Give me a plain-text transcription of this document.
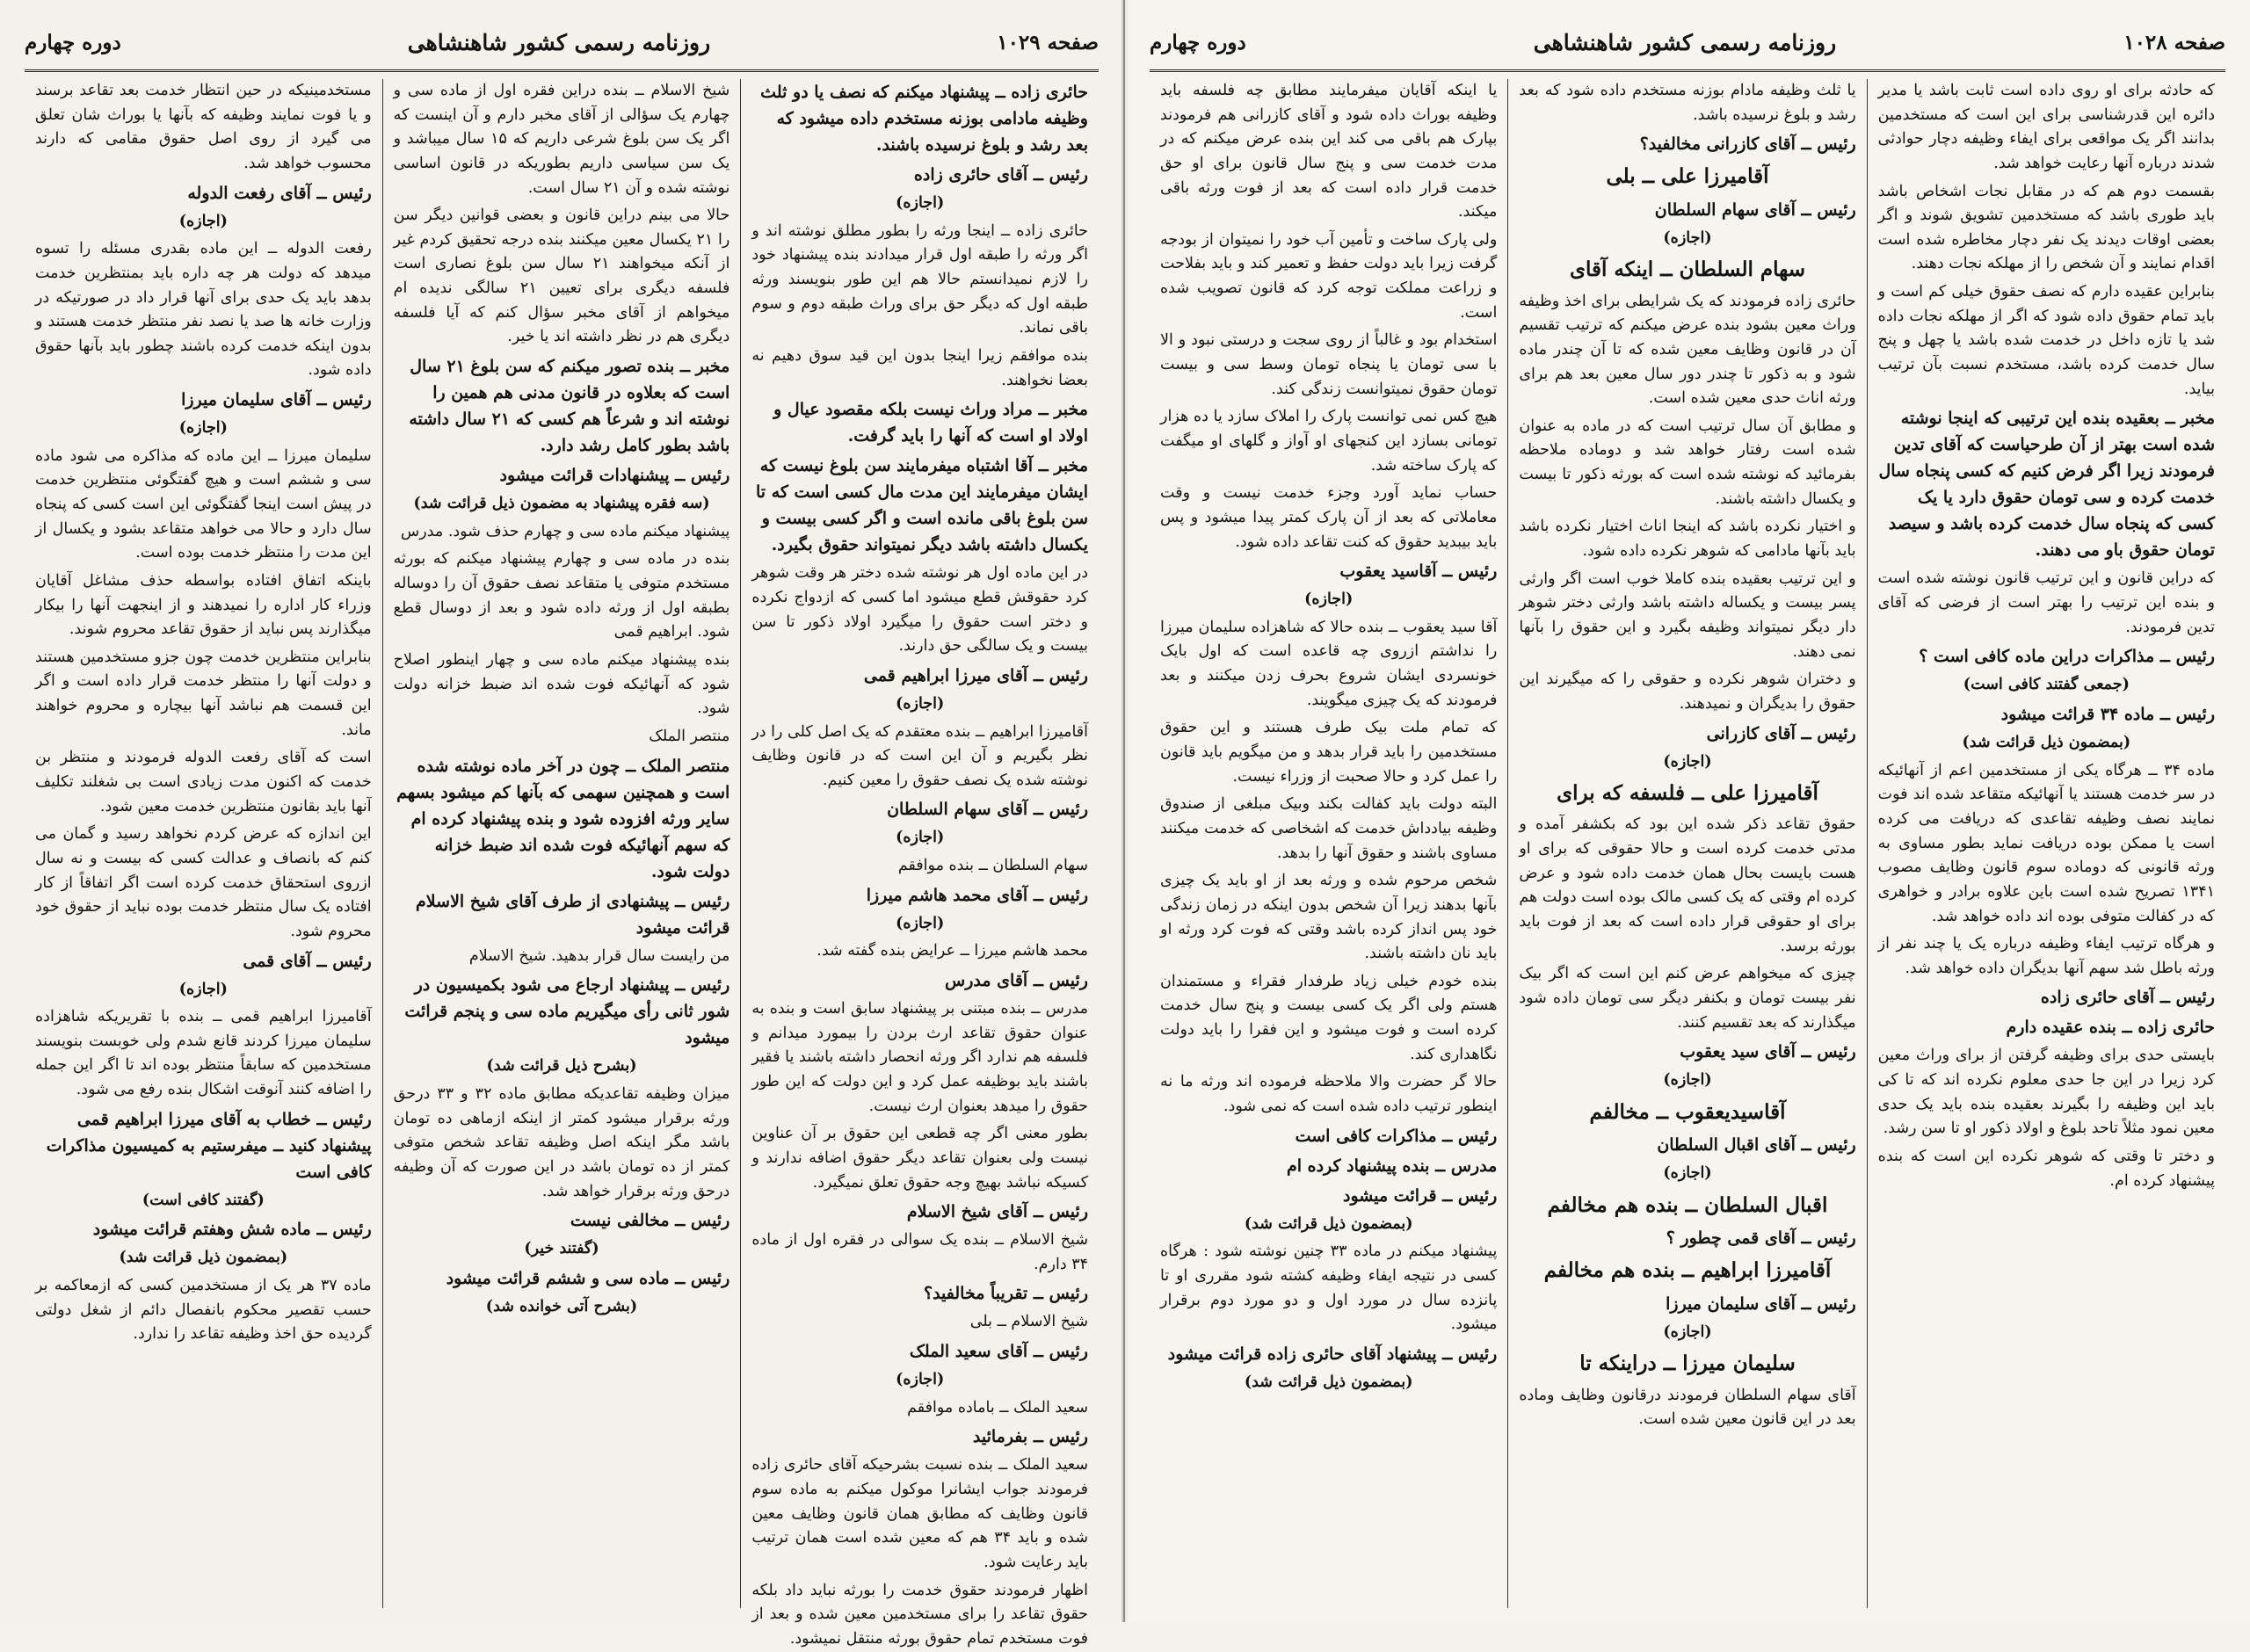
صفحه ۱۰۲۹
روزنامه رسمی کشور شاهنشاهی
دوره چهارم

حائری زاده ــ پیشنهاد میکنم که نصف یا دو ثلث وظیفه مادامی بوزنه مستخدم داده میشود که بعد رشد و بلوغ نرسیده باشند.

رئیس ــ آقای حائری زاده

(اجازه)

حائری زاده ــ اینجا ورثه را بطور مطلق نوشته اند و اگر ورثه را طبقه اول قرار میدادند بنده پیشنهاد خود را لازم نمیدانستم حالا هم این طور بنویسند ورثه طبقه اول که دیگر حق برای وراث طبقه دوم و سوم باقی نماند.

بنده موافقم زیرا اینجا بدون این قید سوق دهیم نه بعضا نخواهند.

مخبر ــ مراد وراث نیست بلکه مقصود عیال و اولاد او است که آنها را باید گرفت.

مخبر ــ آقا اشتباه میفرمایند سن بلوغ نیست که ایشان میفرمایند این مدت مال کسی است که تا سن بلوغ باقی مانده است و اگر کسی بیست و یکسال داشته باشد دیگر نمیتواند حقوق بگیرد.

در این ماده اول هر نوشته شده دختر هر وقت شوهر کرد حقوقش قطع میشود اما کسی که ازدواج نکرده و دختر است حقوق را میگیرد اولاد ذکور تا سن بیست و یک سالگی حق دارند.

رئیس ــ آقای میرزا ابراهیم قمی

(اجازه)

آقامیرزا ابراهیم ــ بنده معتقدم که یک اصل کلی را در نظر بگیریم و آن این است که در قانون وظایف نوشته شده یک نصف حقوق را معین کنیم.

رئیس ــ آقای سهام السلطان

(اجازه)

سهام السلطان ــ بنده موافقم

رئیس ــ آقای محمد هاشم میرزا

(اجازه)

محمد هاشم میرزا ــ عرایض بنده گفته شد.

رئیس ــ آقای مدرس

مدرس ــ بنده مبتنی بر پیشنهاد سابق است و بنده به عنوان حقوق تقاعد ارث بردن را بیمورد میدانم و فلسفه هم ندارد اگر ورثه انحصار داشته باشند یا فقیر باشند باید بوظیفه عمل کرد و این دولت که این طور حقوق را میدهد بعنوان ارث نیست.

بطور معنی اگر چه قطعی این حقوق بر آن عناوین نیست ولی بعنوان تقاعد دیگر حقوق اضافه ندارند و کسیکه نباشد بهیچ وجه حقوق تعلق نمیگیرد.

رئیس ــ آقای شیخ الاسلام

شیخ الاسلام ــ بنده یک سوالی در فقره اول از ماده ۳۴ دارم.

رئیس ــ تقریباً مخالفید؟

شیخ الاسلام ــ بلی

رئیس ــ آقای سعید الملک

(اجازه)

سعید الملک ــ باماده موافقم

رئیس ــ بفرمائید

سعید الملک ــ بنده نسبت بشرحیکه آقای حائری زاده فرمودند جواب ایشانرا موکول میکنم به ماده سوم قانون وظایف که مطابق همان قانون وظایف معین شده و باید ۳۴ هم که معین شده است همان ترتیب باید رعایت شود.

اظهار فرمودند حقوق خدمت را بورثه نباید داد بلکه حقوق تقاعد را برای مستخدمین معین شده و بعد از فوت مستخدم تمام حقوق بورثه منتقل نمیشود.

شیخ الاسلام ــ بنده دراین فقره اول از ماده سی و چهارم یک سؤالی از آقای مخبر دارم و آن اینست که اگر یک سن بلوغ شرعی داریم که ۱۵ سال میباشد و یک سن سیاسی داریم بطوریکه در قانون اساسی نوشته شده و آن ۲۱ سال است.

حالا می بینم دراین قانون و بعضی قوانین دیگر سن را ۲۱ یکسال معین میکنند بنده درجه تحقیق کردم غیر از آنکه میخواهند ۲۱ سال سن بلوغ نصاری است فلسفه دیگری برای تعیین ۲۱ سالگی ندیده ام میخواهم از آقای مخبر سؤال کنم که آیا فلسفه دیگری هم در نظر داشته اند یا خیر.

مخبر ــ بنده تصور میکنم که سن بلوغ ۲۱ سال است که بعلاوه در قانون مدنی هم همین را نوشته اند و شرعاً هم کسی که ۲۱ سال داشته باشد بطور کامل رشد دارد.

رئیس ــ پیشنهادات قرائت میشود

(سه فقره پیشنهاد به مضمون ذیل قرائت شد)

پیشنهاد میکنم ماده سی و چهارم حذف شود. مدرس

بنده در ماده سی و چهارم پیشنهاد میکنم که بورثه مستخدم متوفی یا متقاعد نصف حقوق آن را دوساله بطبقه اول از ورثه داده شود و بعد از دوسال قطع شود. ابراهیم قمی

بنده پیشنهاد میکنم ماده سی و چهار اینطور اصلاح شود که آنهائیکه فوت شده اند ضبط خزانه دولت شود.

منتصر الملک

منتصر الملک ــ چون در آخر ماده نوشته شده است و همچنین سهمی که بآنها کم میشود بسهم سایر ورثه افزوده شود و بنده پیشنهاد کرده ام که سهم آنهائیکه فوت شده اند ضبط خزانه دولت شود.

رئیس ــ پیشنهادی از طرف آقای شیخ الاسلام قرائت میشود

من رایست سال قرار بدهید. شیخ الاسلام

رئیس ــ پیشنهاد ارجاع می شود بکمیسیون در شور ثانی رأی میگیریم ماده سی و پنجم قرائت میشود

(بشرح ذیل قرائت شد)

میزان وظیفه تقاعدیکه مطابق ماده ۳۲ و ۳۳ درحق ورثه برقرار میشود کمتر از اینکه ازماهی ده تومان باشد مگر اینکه اصل وظیفه تقاعد شخص متوفی کمتر از ده تومان باشد در این صورت که آن وظیفه درحق ورثه برقرار خواهد شد.

رئیس ــ مخالفی نیست

(گفتند خیر)

رئیس ــ ماده سی و ششم قرائت میشود

(بشرح آتی خوانده شد)

مستخدمینیکه در حین انتظار خدمت بعد تقاعد برسند و یا فوت نمایند وظیفه که بآنها یا بوراث شان تعلق می گیرد از روی اصل حقوق مقامی که دارند محسوب خواهد شد.

رئیس ــ آقای رفعت الدوله

(اجازه)

رفعت الدوله ــ این ماده بقدری مسئله را تسوه میدهد که دولت هر چه داره باید بمنتظرین خدمت بدهد باید یک حدی برای آنها قرار داد در صورتیکه در وزارت خانه ها صد یا نصد نفر منتظر خدمت هستند و بدون اینکه خدمت کرده باشند چطور باید بآنها حقوق داده شود.

رئیس ــ آقای سلیمان میرزا

(اجازه)

سلیمان میرزا ــ این ماده که مذاکره می شود ماده سی و ششم است و هیچ گفتگوئی منتظرین خدمت در پیش است اینجا گفتگوئی این است کسی که پنجاه سال دارد و حالا می خواهد متقاعد بشود و یکسال از این مدت را منتظر خدمت بوده است.

باینکه اتفاق افتاده بواسطه حذف مشاغل آقایان وزراء کار اداره را نمیدهند و از اینجهت آنها را بیکار میگذارند پس نباید از حقوق تقاعد محروم شوند.

بنابراین منتظرین خدمت چون جزو مستخدمین هستند و دولت آنها را منتظر خدمت قرار داده است و اگر این قسمت هم نباشد آنها بیچاره و محروم خواهند ماند.

است که آقای رفعت الدوله فرمودند و منتظر بن خدمت که اکنون مدت زیادی است بی شغلند تکلیف آنها باید بقانون منتظرین خدمت معین شود.

این اندازه که عرض کردم نخواهد رسید و گمان می کنم که بانصاف و عدالت کسی که بیست و نه سال ازروی استحقاق خدمت کرده است اگر اتفاقاً از کار افتاده یک سال منتظر خدمت بوده نباید از حقوق خود محروم شود.

رئیس ــ آقای قمی

(اجازه)

آقامیرزا ابراهیم قمی ــ بنده با تقریریکه شاهزاده سلیمان میرزا کردند قانع شدم ولی خوبست بنویسند مستخدمین که سابقاً منتظر بوده اند تا اگر این جمله را اضافه کنند آنوقت اشکال بنده رفع می شود.

رئیس ــ خطاب به آقای میرزا ابراهیم قمی پیشنهاد کنید ــ میفرستیم به کمیسیون مذاکرات کافی است

(گفتند کافی است)

رئیس ــ ماده شش وهفتم قرائت میشود

(بمضمون ذیل قرائت شد)

ماده ۳۷ هر یک از مستخدمین کسی که ازمعاکمه بر حسب تقصیر محکوم بانفصال دائم از شغل دولتی گردیده حق اخذ وظیفه تقاعد را ندارد.

صفحه ۱۰۲۸
روزنامه رسمی کشور شاهنشاهی
دوره چهارم

که حادثه برای او روی داده است ثابت باشد یا مدیر دائره این قدرشناسی برای این است که مستخدمین بدانند اگر یک مواقعی برای ایفاء وظیفه دچار حوادثی شدند درباره آنها رعایت خواهد شد.

بقسمت دوم هم که در مقابل نجات اشخاص باشد باید طوری باشد که مستخدمین تشویق شوند و اگر بعضی اوقات دیدند یک نفر دچار مخاطره شده است اقدام نمایند و آن شخص را از مهلکه نجات دهند.

بنابراین عقیده دارم که نصف حقوق خیلی کم است و باید تمام حقوق داده شود که اگر از مهلکه نجات داده شد یا تازه داخل در خدمت شده باشد یا چهل و پنج سال خدمت کرده باشد، مستخدم نسبت بآن ترتیب بیاید.

مخبر ــ بعقیده بنده این ترتیبی که اینجا نوشته شده است بهتر از آن طرحیاست که آقای تدین فرمودند زیرا اگر فرض کنیم که کسی پنجاه سال خدمت کرده و سی تومان حقوق دارد یا یک کسی که پنجاه سال خدمت کرده باشد و سیصد تومان حقوق باو می دهند.

که دراین قانون و این ترتیب قانون نوشته شده است و بنده این ترتیب را بهتر است از فرضی که آقای تدین فرمودند.

رئیس ــ مذاکرات دراین ماده کافی است ؟

(جمعی گفتند کافی است)

رئیس ــ ماده ۳۴ قرائت میشود

(بمضمون ذیل قرائت شد)

ماده ۳۴ ــ هرگاه یکی از مستخدمین اعم از آنهائیکه در سر خدمت هستند یا آنهائیکه متقاعد شده اند فوت نمایند نصف وظیفه تقاعدی که دریافت می کرده است یا ممکن بوده دریافت نماید بطور مساوی به ورثه قانونی که دوماده سوم قانون وظایف مصوب ۱۳۴۱ تصریح شده است باین علاوه برادر و خواهری که در کفالت متوفی بوده اند داده خواهد شد.

و هرگاه ترتیب ایفاء وظیفه درباره یک یا چند نفر از ورثه باطل شد سهم آنها بدیگران داده خواهد شد.

رئیس ــ آقای حائری زاده

حائری زاده ــ بنده عقیده دارم

بایستی حدی برای وظیفه گرفتن از برای وراث معین کرد زیرا در این جا حدی معلوم نکرده اند که تا کی باید این وظیفه را بگیرند بعقیده بنده باید یک حدی معین نمود مثلاً تاحد بلوغ و اولاد ذکور او تا سن رشد.

و دختر تا وقتی که شوهر نکرده این است که بنده پیشنهاد کرده ام.

یا ثلث وظیفه مادام بوزنه مستخدم داده شود که بعد رشد و بلوغ نرسیده باشد.

رئیس ــ آقای کازرانی مخالفید؟

آقامیرزا علی ــ بلی

رئیس ــ آقای سهام السلطان

(اجازه)

سهام السلطان ــ اینکه آقای

حائری زاده فرمودند که یک شرایطی برای اخذ وظیفه وراث معین بشود بنده عرض میکنم که ترتیب تقسیم آن در قانون وظایف معین شده که تا آن چندر ماده شود و به ذکور تا چندر دور سال معین بعد هم برای ورثه اناث حدی معین شده است.

و مطابق آن سال ترتیب است که در ماده به عنوان شده است رفتار خواهد شد و دوماده ملاحظه بفرمائید که نوشته شده است که بورثه ذکور تا بیست و یکسال داشته باشند.

و اختیار نکرده باشد که اینجا اناث اختیار نکرده باشد باید بآنها مادامی که شوهر نکرده داده شود.

و این ترتیب بعقیده بنده کاملا خوب است اگر وارثی پسر بیست و یکساله داشته باشد وارثی دختر شوهر دار دیگر نمیتواند وظیفه بگیرد و این حقوق را بآنها نمی دهند.

و دختران شوهر نکرده و حقوقی را که میگیرند این حقوق را بدیگران و نمیدهند.

رئیس ــ آقای کازرانی

(اجازه)

آقامیرزا علی ــ فلسفه که برای

حقوق تقاعد ذکر شده این بود که بکشفر آمده و مدتی خدمت کرده است و حالا حقوقی که برای او هست بایست بحال همان خدمت داده شود و عرض کرده ام وقتی که یک کسی مالک بوده است دولت هم برای او حقوقی قرار داده است که بعد از فوت باید بورثه برسد.

چیزی که میخواهم عرض کنم این است که اگر بیک نفر بیست تومان و بکنفر دیگر سی تومان داده شود میگذارند که بعد تقسیم کنند.

رئیس ــ آقای سید یعقوب

(اجازه)

آقاسیدیعقوب ــ مخالفم

رئیس ــ آقای اقبال السلطان

(اجازه)

اقبال السلطان ــ بنده هم مخالفم

رئیس ــ آقای قمی چطور ؟

آقامیرزا ابراهیم ــ بنده هم مخالفم

رئیس ــ آقای سلیمان میرزا

(اجازه)

سلیمان میرزا ــ دراینکه تا

آقای سهام السلطان فرمودند درقانون وظایف وماده بعد در این قانون معین شده است.

یا اینکه آقایان میفرمایند مطابق چه فلسفه باید وظیفه بوراث داده شود و آقای کازرانی هم فرمودند بپارک هم باقی می کند این بنده عرض میکنم که در مدت خدمت سی و پنج سال قانون برای او حق خدمت قرار داده است که بعد از فوت ورثه باقی میکند.

ولی پارک ساخت و تأمین آب خود را نمیتوان از بودجه گرفت زیرا باید دولت حفظ و تعمیر کند و باید بفلاحت و زراعت مملکت توجه کرد که قانون تصویب شده است.

استخدام بود و غالباً از روی سجت و درستی نبود و الا با سی تومان یا پنجاه تومان وسط سی و بیست تومان حقوق نمیتوانست زندگی کند.

هیچ کس نمی توانست پارک را املاک سازد یا ده هزار تومانی بسازد این کنجهای او آواز و گلهای او میگفت که پارک ساخته شد.

حساب نماید آورد وجزء خدمت نیست و وقت معاملاتی که بعد از آن پارک کمتر پیدا میشود و پس باید بیبدید حقوق که کنت تقاعد داده شود.

رئیس ــ آقاسید یعقوب

(اجازه)

آقا سید یعقوب ــ بنده حالا که شاهزاده سلیمان میرزا را نداشتم ازروی چه قاعده است که اول بایک خونسردی ایشان شروع بحرف زدن میکنند و بعد فرمودند که یک چیزی میگویند.

که تمام ملت بیک طرف هستند و این حقوق مستخدمین را باید قرار بدهد و من میگویم باید قانون را عمل کرد و حالا صحبت از وزراء نیست.

البته دولت باید کفالت بکند وبیک مبلغی از صندوق وظیفه بیادداش خدمت که اشخاصی که خدمت میکنند مساوی باشند و حقوق آنها را بدهد.

شخص مرحوم شده و ورثه بعد از او باید یک چیزی بآنها بدهند زیرا آن شخص بدون اینکه در زمان زندگی خود پس انداز کرده باشد وقتی که فوت کرد ورثه او باید نان داشته باشند.

بنده خودم خیلی زیاد طرفدار فقراء و مستمندان هستم ولی اگر یک کسی بیست و پنج سال خدمت کرده است و فوت میشود و این فقرا را باید دولت نگاهداری کند.

حالا گر حضرت والا ملاحظه فرموده اند ورثه ما نه اینطور ترتیب داده شده است که نمی شود.

رئیس ــ مذاکرات کافی است

مدرس ــ بنده پیشنهاد کرده ام

رئیس ــ قرائت میشود

(بمضمون ذیل قرائت شد)

پیشنهاد میکنم در ماده ۳۳ چنین نوشته شود : هرگاه کسی در نتیجه ایفاء وظیفه کشته شود مقرری او تا پانزده سال در مورد اول و دو مورد دوم برقرار میشود.

رئیس ــ پیشنهاد آقای حائری زاده قرائت میشود

(بمضمون ذیل قرائت شد)
